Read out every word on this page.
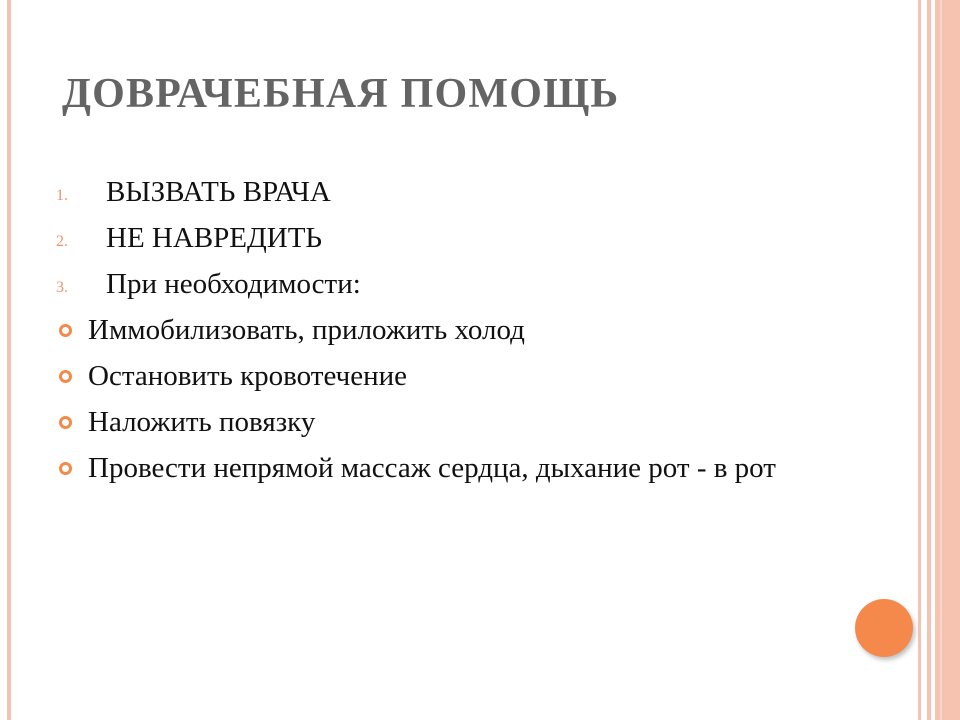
ДОВРАЧЕБНАЯ ПОМОЩЬ
1. ВЫЗВАТЬ ВРАЧА
2. НЕ НАВРЕДИТЬ
3. При необходимости:
Иммобилизовать, приложить холод
Остановить кровотечение
Наложить повязку
Провести непрямой массаж сердца, дыхание рот - в рот
